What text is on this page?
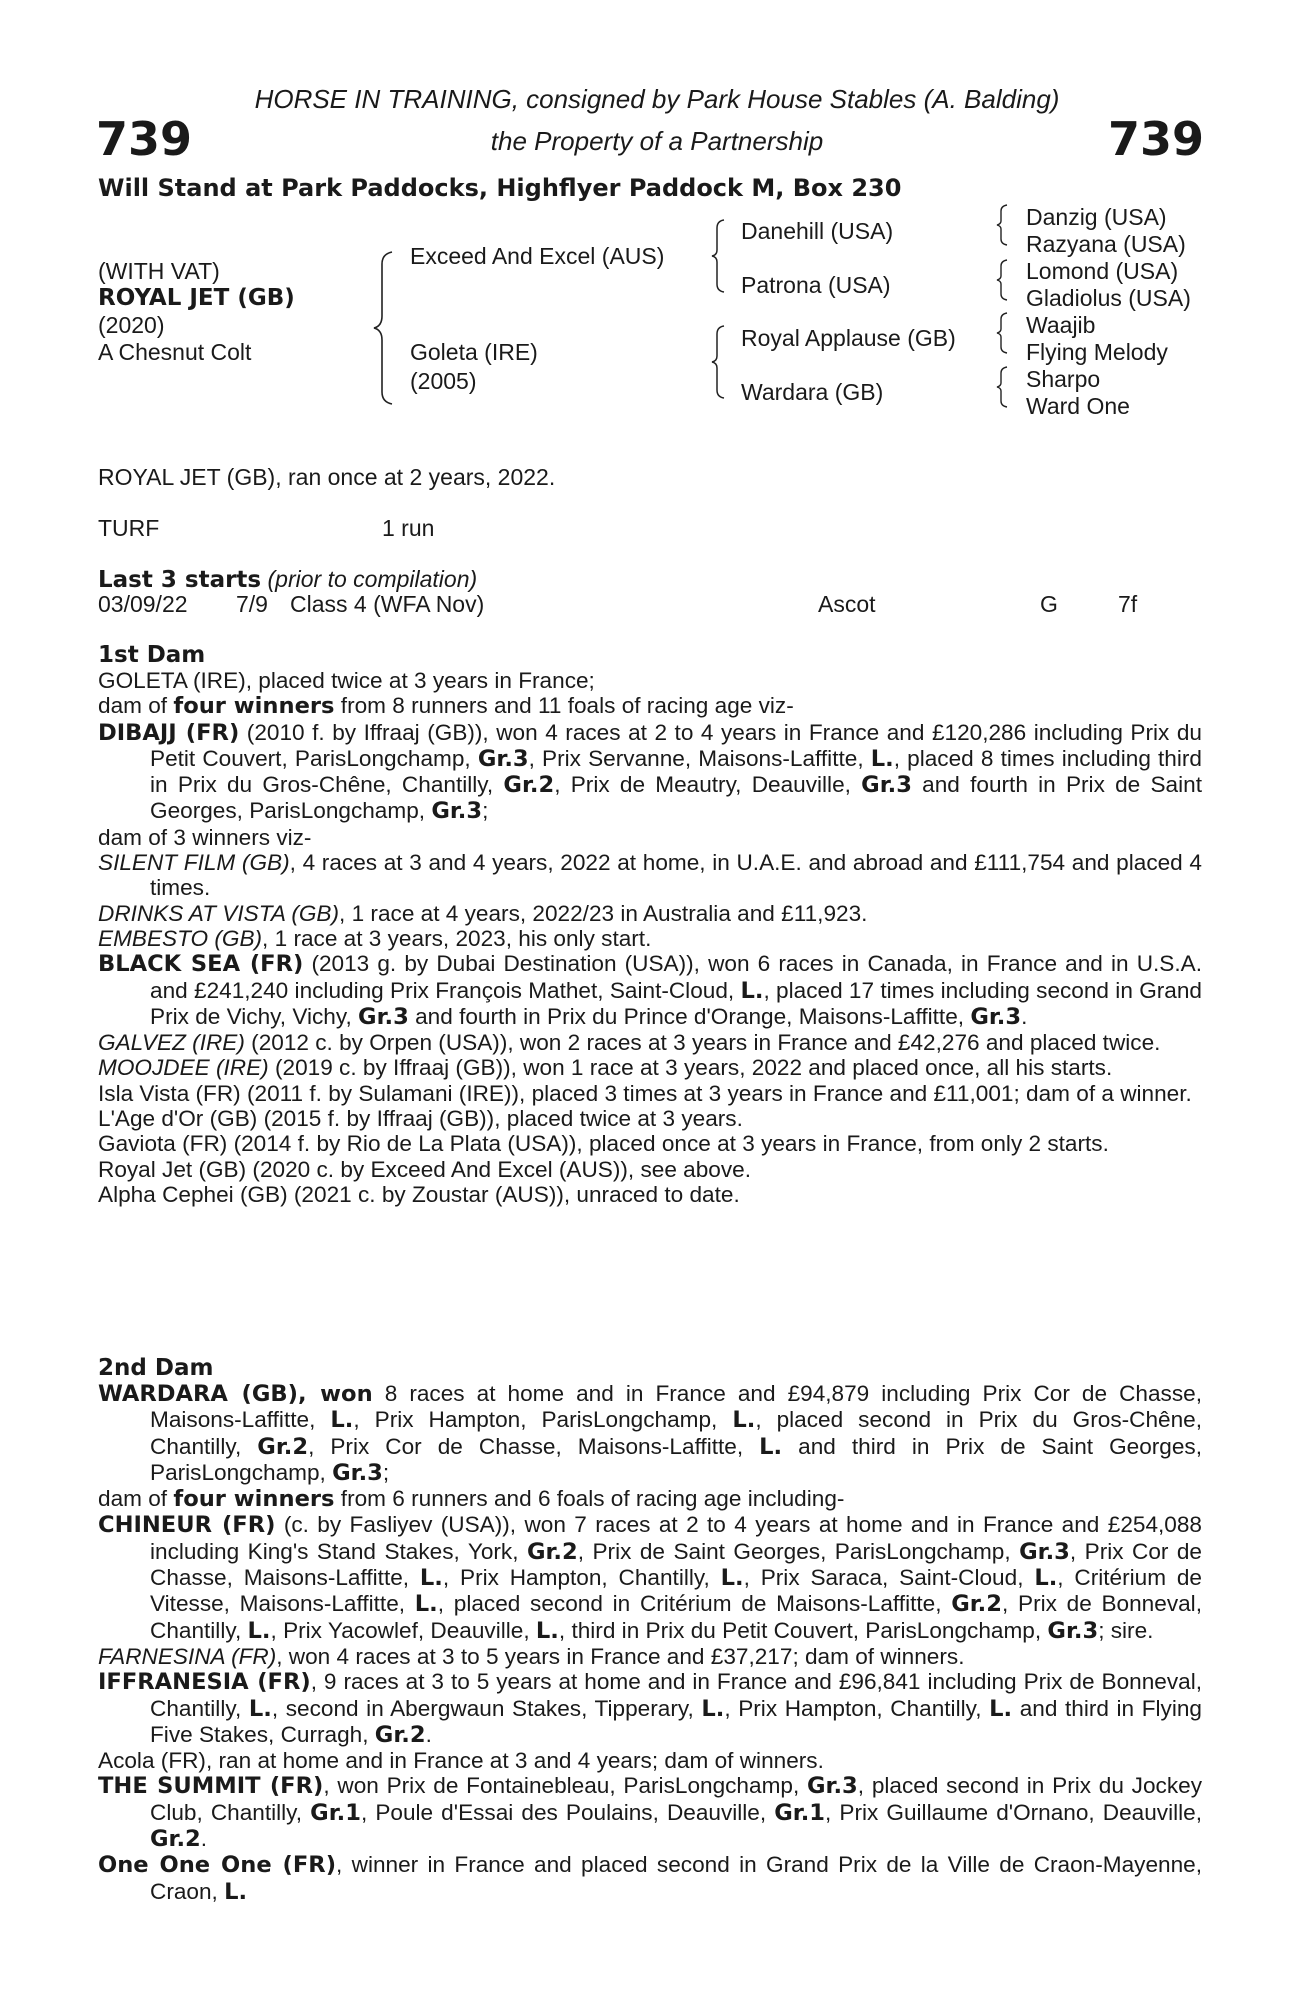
739	739
HORSE IN TRAINING, consigned by Park House Stables (A. Balding)
the Property of a Partnership
Will Stand at Park Paddocks, Highflyer Paddock M, Box 230
(WITH VAT)
ROYAL JET (GB)
(2020)
A Chesnut Colt
Exceed And Excel (AUS)
Goleta (IRE)
(2005)
Danehill (USA)
Patrona (USA)
Royal Applause (GB)
Wardara (GB)
Danzig (USA)
Razyana (USA)
Lomond (USA)
Gladiolus (USA)
Waajib
Flying Melody
Sharpo
Ward One
ROYAL JET (GB), ran once at 2 years, 2022.
TURF	1 run
Last 3 starts (prior to compilation)
03/09/22 7/9 Class 4 (WFA Nov)	Ascot	G	7f
1st Dam

GOLETA (IRE), placed twice at 3 years in France;

dam of four winners from 8 runners and 11 foals of racing age viz-

DIBAJJ (FR) (2010 f. by Iffraaj (GB)), won 4 races at 2 to 4 years in France and £120,286 including Prix du Petit Couvert, ParisLongchamp, Gr.3, Prix Servanne, Maisons-Laffitte, L., placed 8 times including third in Prix du Gros-Chêne, Chantilly, Gr.2, Prix de Meautry, Deauville, Gr.3 and fourth in Prix de Saint Georges, ParisLongchamp, Gr.3;

dam of 3 winners viz-

SILENT FILM (GB), 4 races at 3 and 4 years, 2022 at home, in U.A.E. and abroad and £111,754 and placed 4 times.

DRINKS AT VISTA (GB), 1 race at 4 years, 2022/23 in Australia and £11,923.

EMBESTO (GB), 1 race at 3 years, 2023, his only start.

BLACK SEA (FR) (2013 g. by Dubai Destination (USA)), won 6 races in Canada, in France and in U.S.A. and £241,240 including Prix François Mathet, Saint-Cloud, L., placed 17 times including second in Grand Prix de Vichy, Vichy, Gr.3 and fourth in Prix du Prince d'Orange, Maisons-Laffitte, Gr.3.

GALVEZ (IRE) (2012 c. by Orpen (USA)), won 2 races at 3 years in France and £42,276 and placed twice.

MOOJDEE (IRE) (2019 c. by Iffraaj (GB)), won 1 race at 3 years, 2022 and placed once, all his starts.

Isla Vista (FR) (2011 f. by Sulamani (IRE)), placed 3 times at 3 years in France and £11,001; dam of a winner.

L'Age d'Or (GB) (2015 f. by Iffraaj (GB)), placed twice at 3 years.

Gaviota (FR) (2014 f. by Rio de La Plata (USA)), placed once at 3 years in France, from only 2 starts.

Royal Jet (GB) (2020 c. by Exceed And Excel (AUS)), see above.

Alpha Cephei (GB) (2021 c. by Zoustar (AUS)), unraced to date.

2nd Dam

WARDARA (GB), won 8 races at home and in France and £94,879 including Prix Cor de Chasse, Maisons-Laffitte, L., Prix Hampton, ParisLongchamp, L., placed second in Prix du Gros-Chêne, Chantilly, Gr.2, Prix Cor de Chasse, Maisons-Laffitte, L. and third in Prix de Saint Georges, ParisLongchamp, Gr.3;

dam of four winners from 6 runners and 6 foals of racing age including-

CHINEUR (FR) (c. by Fasliyev (USA)), won 7 races at 2 to 4 years at home and in France and £254,088 including King's Stand Stakes, York, Gr.2, Prix de Saint Georges, ParisLongchamp, Gr.3, Prix Cor de Chasse, Maisons-Laffitte, L., Prix Hampton, Chantilly, L., Prix Saraca, Saint-Cloud, L., Critérium de Vitesse, Maisons-Laffitte, L., placed second in Critérium de Maisons-Laffitte, Gr.2, Prix de Bonneval, Chantilly, L., Prix Yacowlef, Deauville, L., third in Prix du Petit Couvert, ParisLongchamp, Gr.3; sire.

FARNESINA (FR), won 4 races at 3 to 5 years in France and £37,217; dam of winners.

IFFRANESIA (FR), 9 races at 3 to 5 years at home and in France and £96,841 including Prix de Bonneval, Chantilly, L., second in Abergwaun Stakes, Tipperary, L., Prix Hampton, Chantilly, L. and third in Flying Five Stakes, Curragh, Gr.2.

Acola (FR), ran at home and in France at 3 and 4 years; dam of winners.

THE SUMMIT (FR), won Prix de Fontainebleau, ParisLongchamp, Gr.3, placed second in Prix du Jockey Club, Chantilly, Gr.1, Poule d'Essai des Poulains, Deauville, Gr.1, Prix Guillaume d'Ornano, Deauville, Gr.2.

One One One (FR), winner in France and placed second in Grand Prix de la Ville de Craon-Mayenne, Craon, L.
